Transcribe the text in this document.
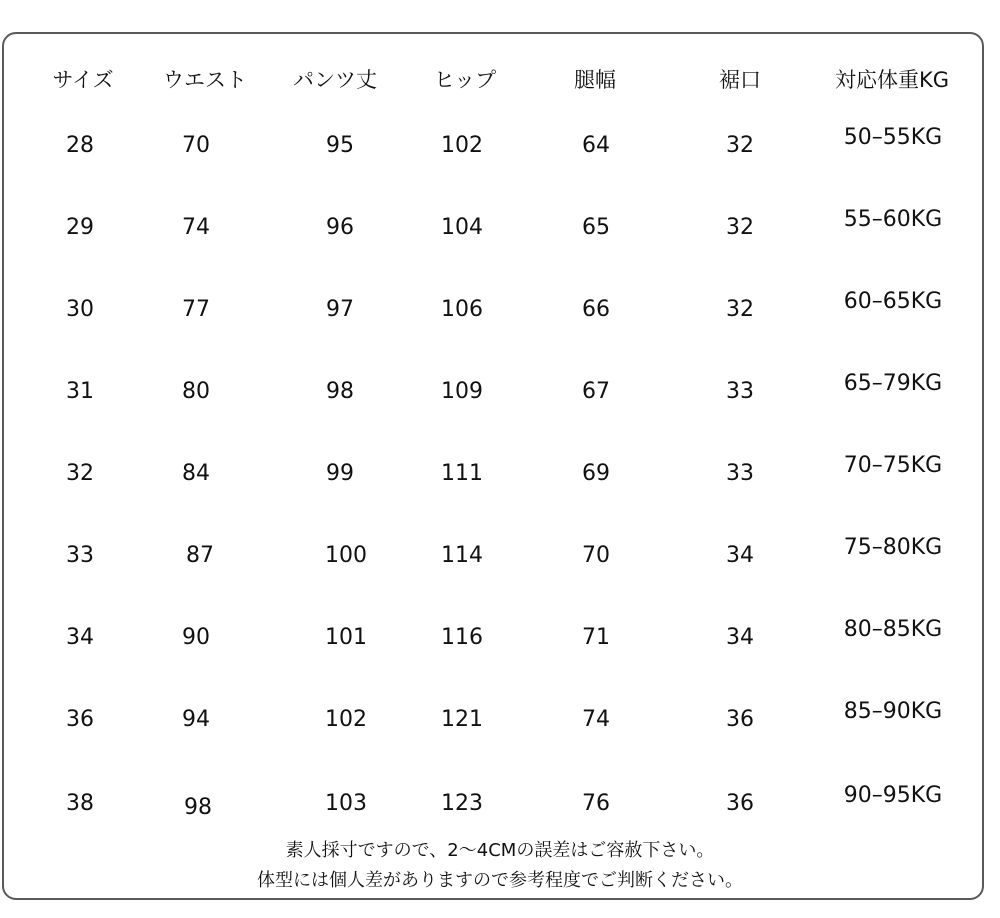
サイズ	ウエスト	パンツ丈	ヒップ	腿幅	裾口	対応体重KG
28	70	95	102	64	32	50–55KG
29	74	96	104	65	32	55–60KG
30	77	97	106	66	32	60–65KG
31	80	98	109	67	33	65–79KG
32	84	99	111	69	33	70–75KG
33	87	100	114	70	34	75–80KG
34	90	101	116	71	34	80–85KG
36	94	102	121	74	36	85–90KG
38	98	103	123	76	36	90–95KG
素人採寸ですので、2～4CMの誤差はご容赦下さい。
体型には個人差がありますので参考程度でご判断ください。
